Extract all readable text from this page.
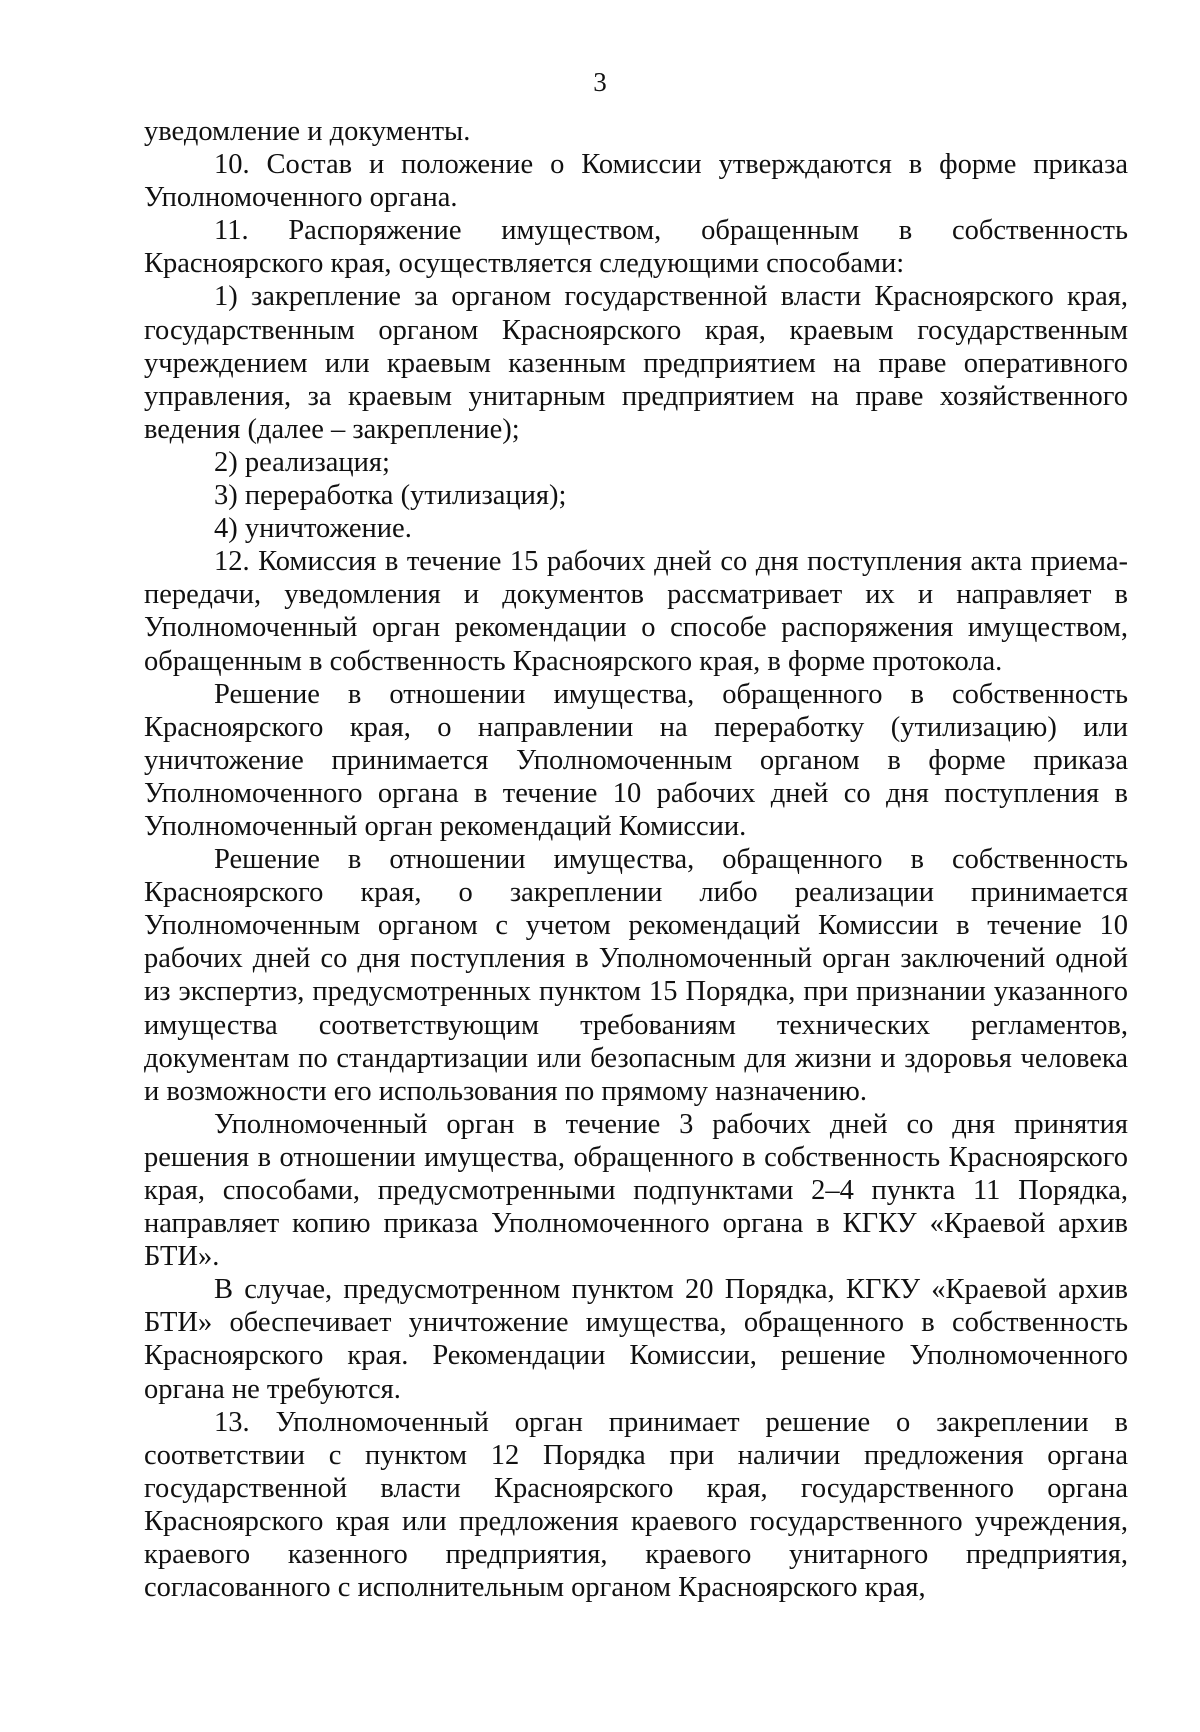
3

уведомление и документы.

10. Состав и положение о Комиссии утверждаются в форме приказа Уполномоченного органа.

11. Распоряжение имуществом, обращенным в собственность Красноярского края, осуществляется следующими способами:

1) закрепление за органом государственной власти Красноярского края, государственным органом Красноярского края, краевым государственным учреждением или краевым казенным предприятием на праве оперативного управления, за краевым унитарным предприятием на праве хозяйственного ведения (далее – закрепление);

2) реализация;

3) переработка (утилизация);

4) уничтожение.

12. Комиссия в течение 15 рабочих дней со дня поступления акта приема-передачи, уведомления и документов рассматривает их и направляет в Уполномоченный орган рекомендации о способе распоряжения имуществом, обращенным в собственность Красноярского края, в форме протокола.

Решение в отношении имущества, обращенного в собственность Красноярского края, о направлении на переработку (утилизацию) или уничтожение принимается Уполномоченным органом в форме приказа Уполномоченного органа в течение 10 рабочих дней со дня поступления в Уполномоченный орган рекомендаций Комиссии.

Решение в отношении имущества, обращенного в собственность Красноярского края, о закреплении либо реализации принимается Уполномоченным органом с учетом рекомендаций Комиссии в течение 10 рабочих дней со дня поступления в Уполномоченный орган заключений одной из экспертиз, предусмотренных пунктом 15 Порядка, при признании указанного имущества соответствующим требованиям технических регламентов, документам по стандартизации или безопасным для жизни и здоровья человека и возможности его использования по прямому назначению.

Уполномоченный орган в течение 3 рабочих дней со дня принятия решения в отношении имущества, обращенного в собственность Красноярского края, способами, предусмотренными подпунктами 2–4 пункта 11 Порядка, направляет копию приказа Уполномоченного органа в КГКУ «Краевой архив БТИ».

В случае, предусмотренном пунктом 20 Порядка, КГКУ «Краевой архив БТИ» обеспечивает уничтожение имущества, обращенного в собственность Красноярского края. Рекомендации Комиссии, решение Уполномоченного органа не требуются.

13. Уполномоченный орган принимает решение о закреплении в соответствии с пунктом 12 Порядка при наличии предложения органа государственной власти Красноярского края, государственного органа Красноярского края или предложения краевого государственного учреждения, краевого казенного предприятия, краевого унитарного предприятия, согласованного с исполнительным органом Красноярского края,
